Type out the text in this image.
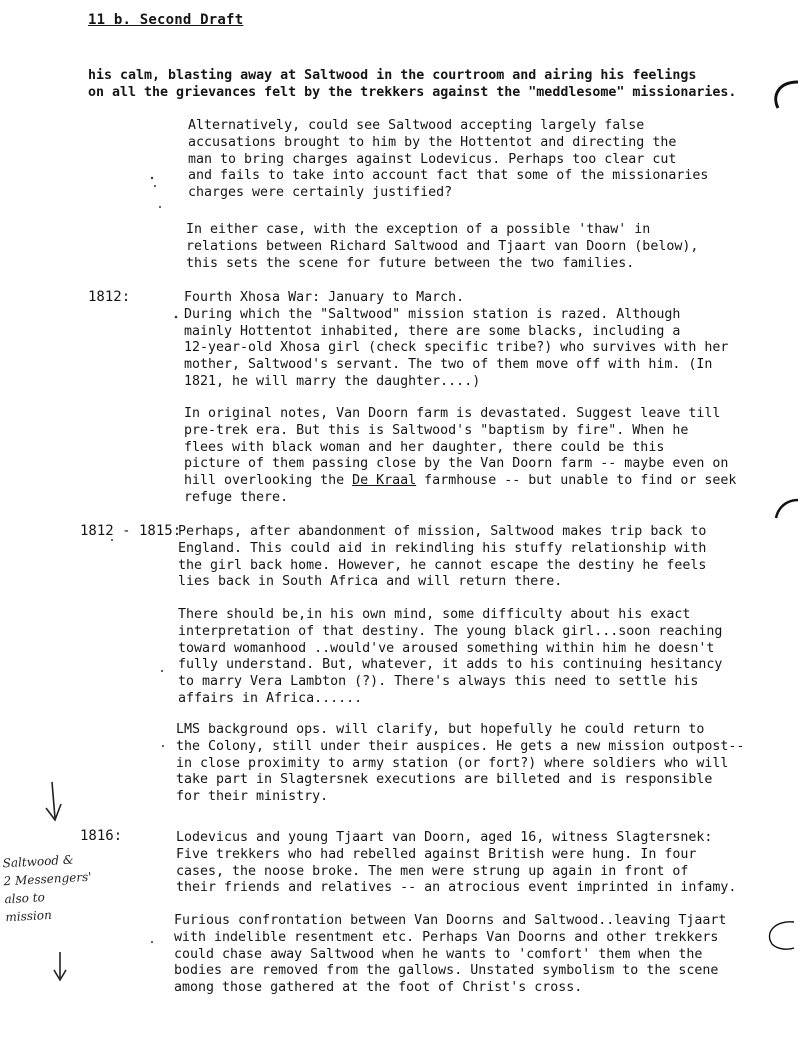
11 b. Second Draft
his calm, blasting away at Saltwood in the courtroom and airing his feelings
on all the grievances felt by the trekkers against the "meddlesome" missionaries.
Alternatively, could see Saltwood accepting largely false
accusations brought to him by the Hottentot and directing the
man to bring charges against Lodevicus. Perhaps too clear cut
and fails to take into account fact that some of the missionaries
charges were certainly justified?
In either case, with the exception of a possible 'thaw' in
relations between Richard Saltwood and Tjaart van Doorn (below),
this sets the scene for future between the two families.
1812:	Fourth Xhosa War: January to March.
During which the "Saltwood" mission station is razed. Although
mainly Hottentot inhabited, there are some blacks, including a
12-year-old Xhosa girl (check specific tribe?) who survives with her
mother, Saltwood's servant. The two of them move off with him. (In
1821, he will marry the daughter....)
In original notes, Van Doorn farm is devastated. Suggest leave till
pre-trek era. But this is Saltwood's "baptism by fire". When he
flees with black woman and her daughter, there could be this
picture of them passing close by the Van Doorn farm -- maybe even on
hill overlooking the De Kraal farmhouse -- but unable to find or seek
refuge there.
1812 - 1815:
Perhaps, after abandonment of mission, Saltwood makes trip back to
England. This could aid in rekindling his stuffy relationship with
the girl back home. However, he cannot escape the destiny he feels
lies back in South Africa and will return there.
There should be,in his own mind, some difficulty about his exact
interpretation of that destiny. The young black girl...soon reaching
toward womanhood ..would've aroused something within him he doesn't
fully understand. But, whatever, it adds to his continuing hesitancy
to marry Vera Lambton (?). There's always this need to settle his
affairs in Africa......
LMS background ops. will clarify, but hopefully he could return to
the Colony, still under their auspices. He gets a new mission outpost--
in close proximity to army station (or fort?) where soldiers who will
take part in Slagtersnek executions are billeted and is responsible
for their ministry.
1816:	Lodevicus and young Tjaart van Doorn, aged 16, witness Slagtersnek:
Five trekkers who had rebelled against British were hung. In four
cases, the noose broke. The men were strung up again in front of
their friends and relatives -- an atrocious event imprinted in infamy.
Furious confrontation between Van Doorns and Saltwood..leaving Tjaart
with indelible resentment etc. Perhaps Van Doorns and other trekkers
could chase away Saltwood when he wants to 'comfort' them when the
bodies are removed from the gallows. Unstated symbolism to the scene
among those gathered at the foot of Christ's cross.
Saltwood &
2 Messengers'
also to
mission
